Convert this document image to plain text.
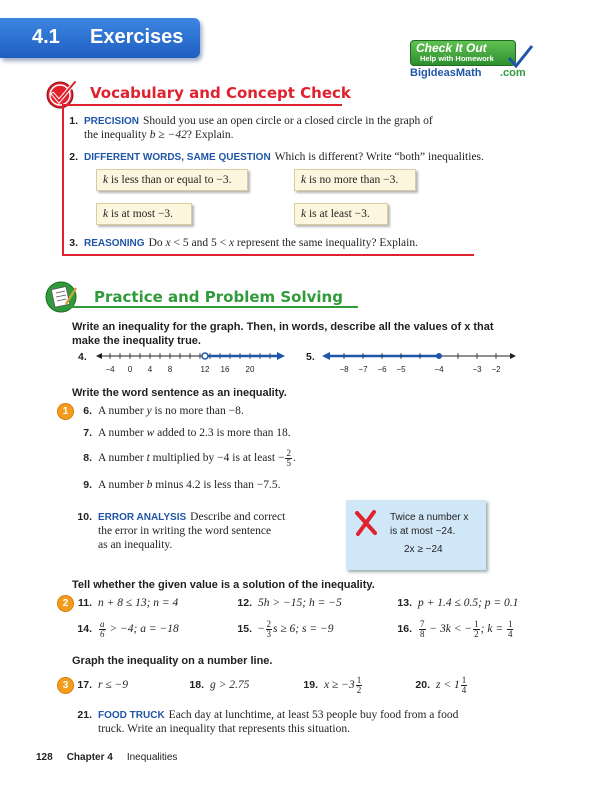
4.1 Exercises	Check It Out
Help with Homework
BigIdeasMath .com
Vocabulary and Concept Check
1. PRECISION Should you use an open circle or a closed circle in the graph of
the inequality b ≥ −42? Explain.
2. DIFFERENT WORDS, SAME QUESTION Which is different? Write “both” inequalities.
k is less than or equal to −3.	k is no more than −3.
k is at most −3.	k is at least −3.
3. REASONING Do x < 5 and 5 < x represent the same inequality? Explain.
Practice and Problem Solving
Write an inequality for the graph. Then, in words, describe all the values of x that
make the inequality true.
4.
−4 0 4 8	12 16 20
5.
−8 −7 −6 −5	−4	−3 −2
Write the word sentence as an inequality.
1	6. A number y is no more than −8.
7. A number w added to 2.3 is more than 18.
8. A number t multiplied by −4 is at least − $\frac{2}{5}$ .
9. A number b minus 4.2 is less than −7.5.
10. ERROR ANALYSIS Describe and correct
the error in writing the word sentence
as an inequality.
Twice a number x
is at most −24.
2x ≥ −24
Tell whether the given value is a solution of the inequality.
2 11. n + 8 ≤ 13; n = 4	12. 5h > −15; h = −5	13. p + 1.4 ≤ 0.5; p = 0.1
14. $\frac{a}{6} > -4$; a = −18	15. − $\frac{2}{3}$ s ≥ 6; s = −9	16. $\frac{7}{8} - 3k$ < − $\frac{1}{2}$ ; $k = \frac{1}{4}$
Graph the inequality on a number line.
3 17. r ≤ −9	18. g > 2.75	19. $x \ge -3 \frac{1}{2}$	20. $z < 1 \frac{1}{4}$
21. FOOD TRUCK Each day at lunchtime, at least 53 people buy food from a food
truck. Write an inequality that represents this situation.
128 Chapter 4 Inequalities
